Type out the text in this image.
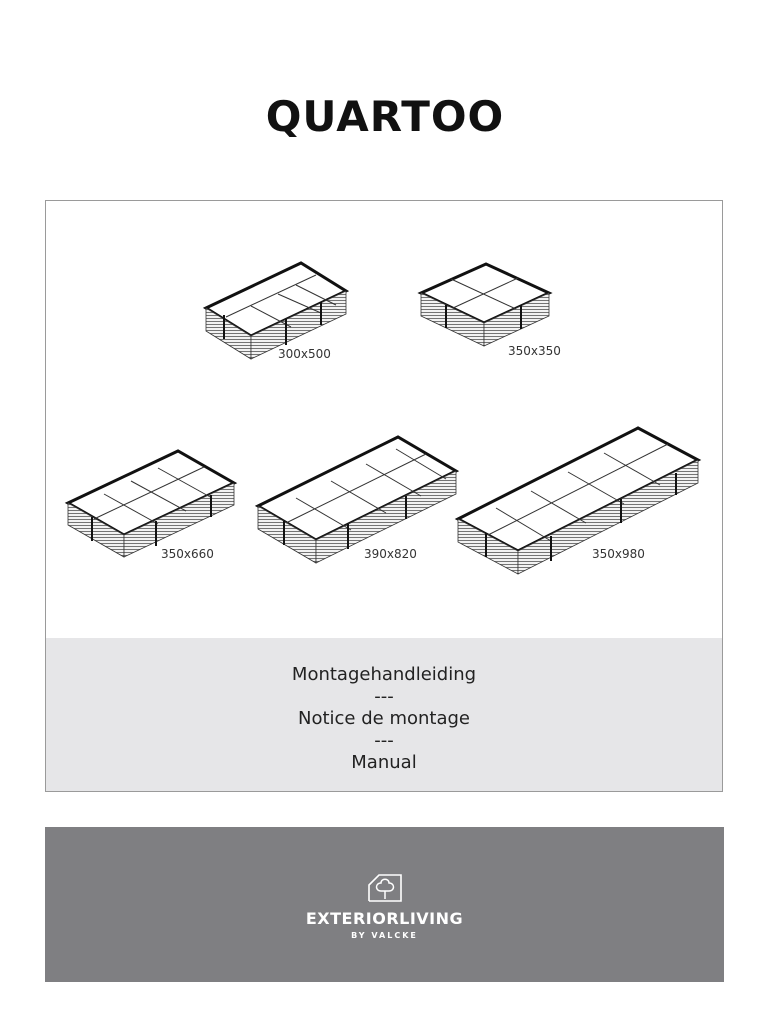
QUARTOO
300x500	350x350
350x660	390x820	350x980
Montagehandleiding
---
Notice de montage
---
Manual
EXTERIORLIVING
BY VALCKE
